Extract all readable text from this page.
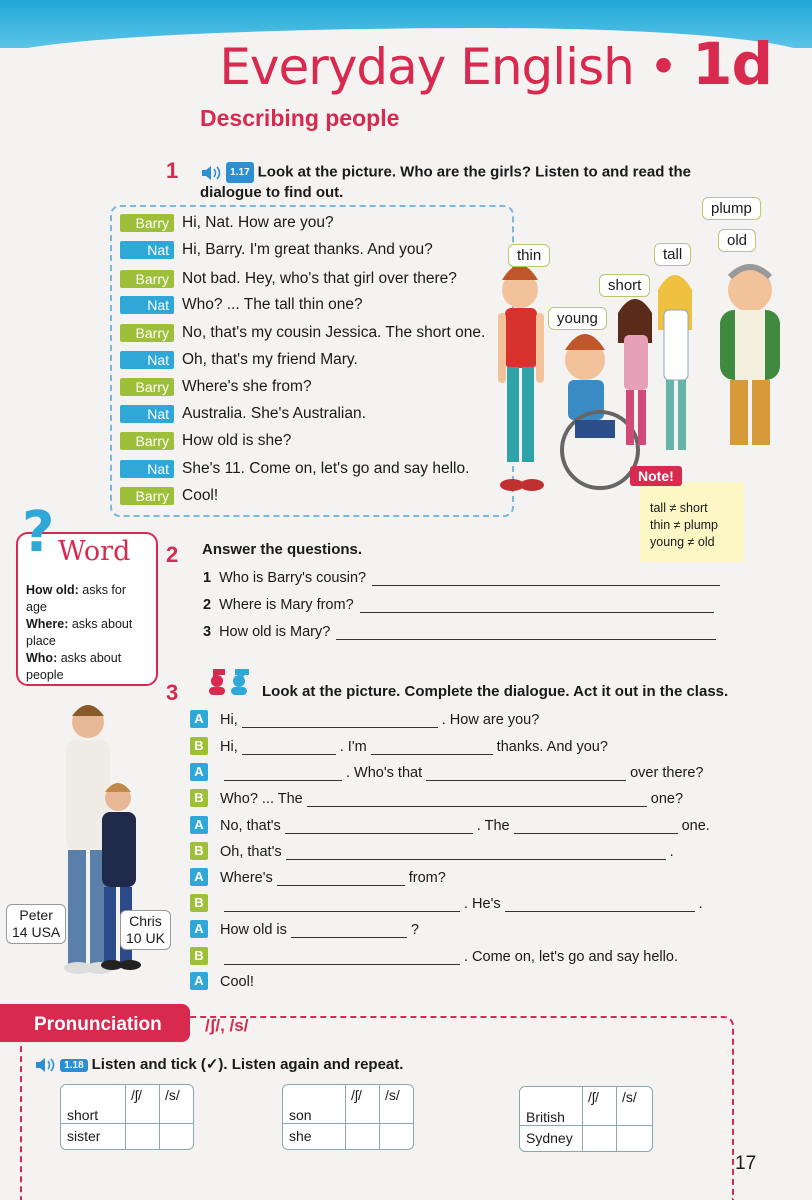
Everyday English • 1d
Describing people
1	1.17 Look at the picture. Who are the girls? Listen to and read the dialogue to find out.
Barry Hi, Nat. How are you?
Nat Hi, Barry. I'm great thanks. And you?
Barry Not bad. Hey, who's that girl over there?
Nat Who? ... The tall thin one?
Barry No, that's my cousin Jessica. The short one.
Nat Oh, that's my friend Mary.
Barry Where's she from?
Nat Australia. She's Australian.
Barry How old is she?
Nat She's 11. Come on, let's go and say hello.
Barry Cool!
thin
young
short
tall
plump
old
tall ≠ short
thin ≠ plump
young ≠ old
Note!
How old: asks for age
Where: asks about place
Who: asks about people
? Word 2 Answer the questions.
1 Who is Barry's cousin?
2 Where is Mary from?
3 How old is Mary?
3	Look at the picture. Complete the dialogue. Act it out in the class.
A Hi,	. How are you?
B Hi,	. I'm	thanks. And you?
A	. Who's that	over there?
B Who? ... The	one?
A No, that's	. The	one.
B Oh, that's	.
A Where's	from?
B	. He's	.
A How old is	?
B	. Come on, let's go and say hello.
A Cool!
Peter
14 USA
Chris
10 UK
Pronunciation	/ʃ/, /s/
1.18 Listen and tick (✓). Listen again and repeat.
/ʃ/ /s/
short
sister
/ʃ/ /s/
son
she
/ʃ/ /s/
British
Sydney
17
